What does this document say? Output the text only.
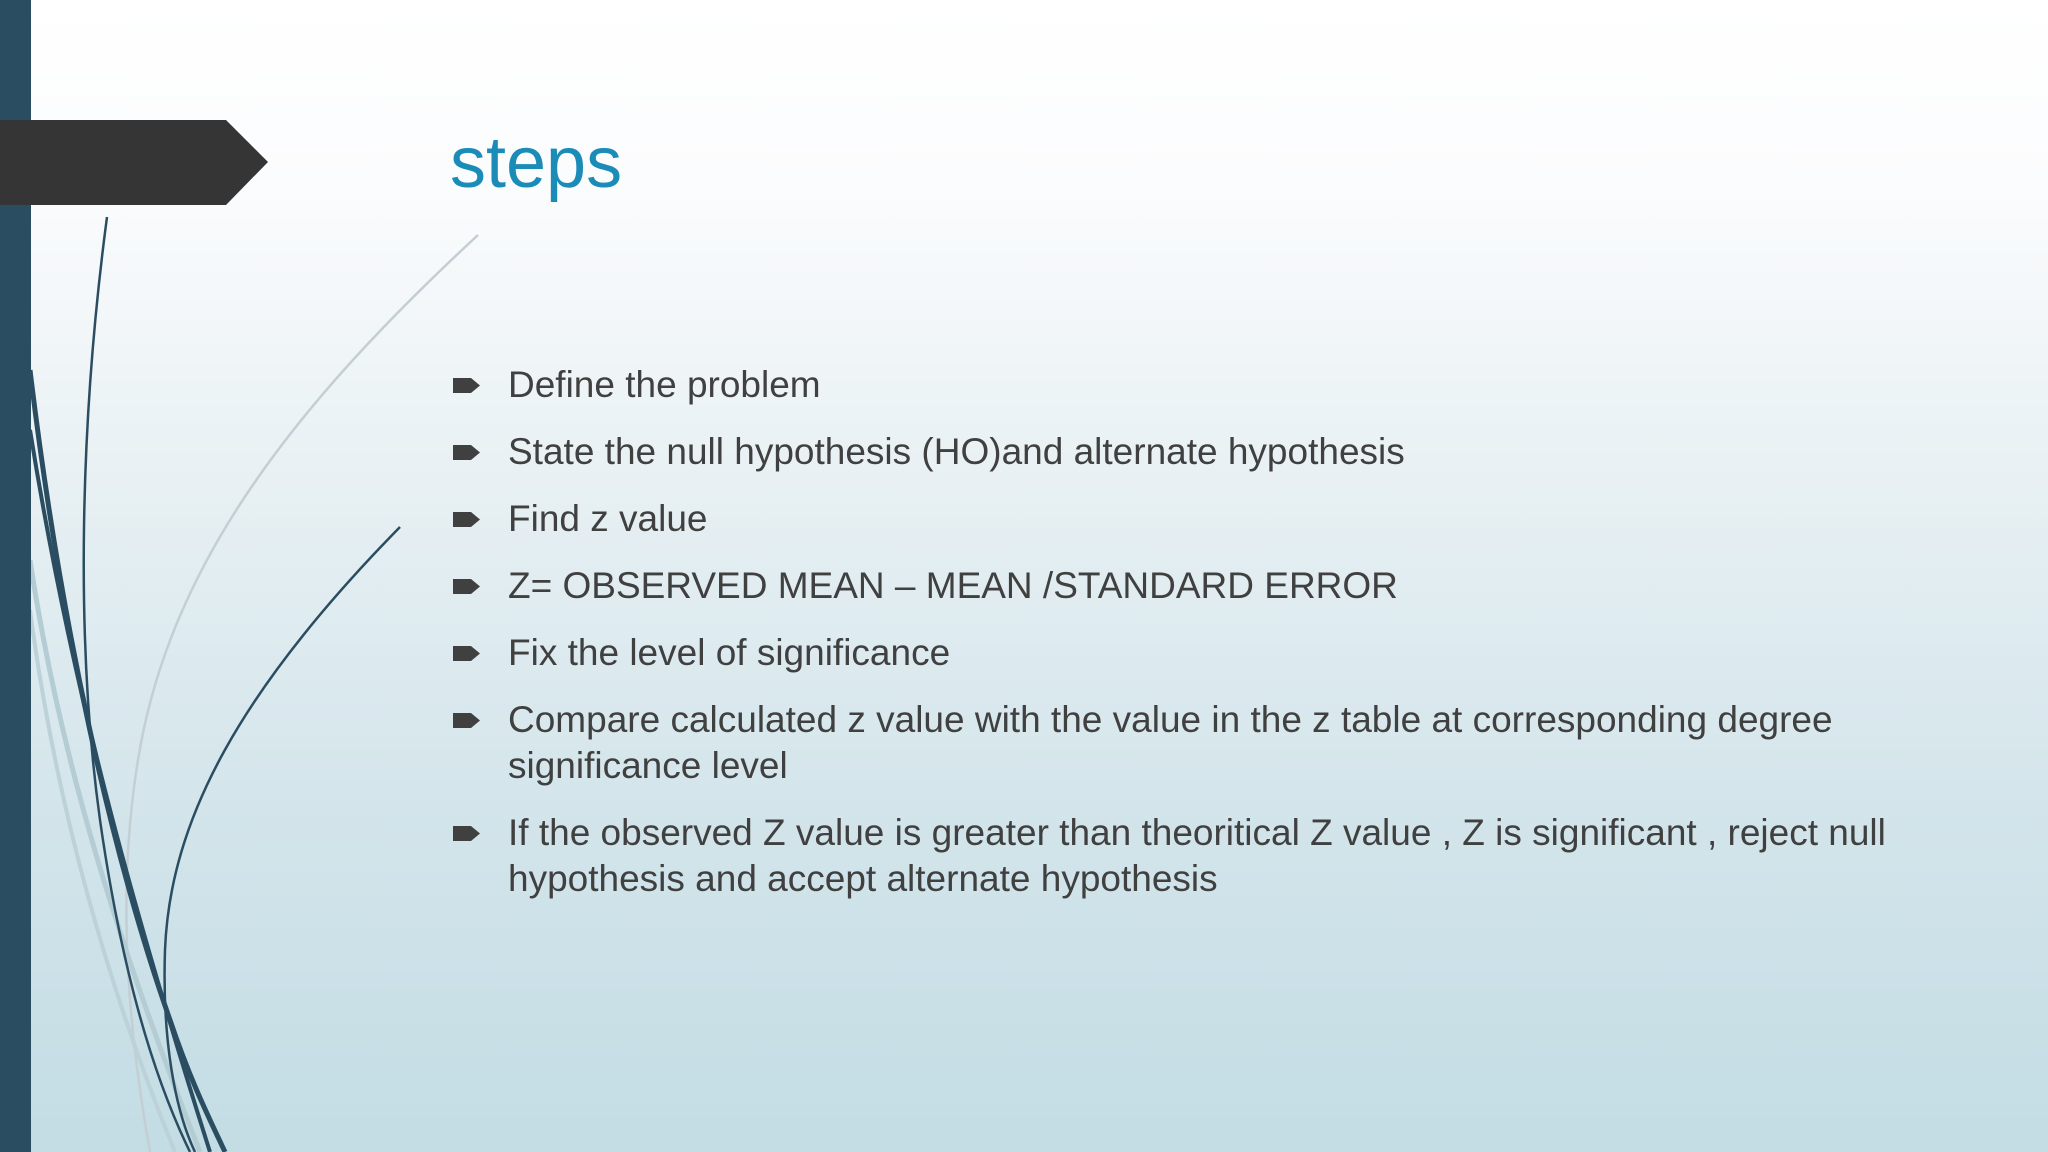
steps
Define the problem
State the null hypothesis (HO)and alternate hypothesis
Find z value
Z= OBSERVED MEAN – MEAN /STANDARD ERROR
Fix the level of significance
Compare calculated z value with the value in the z table at corresponding degree significance level
If the observed Z value is greater than theoritical Z value , Z is significant , reject null hypothesis and accept alternate hypothesis
